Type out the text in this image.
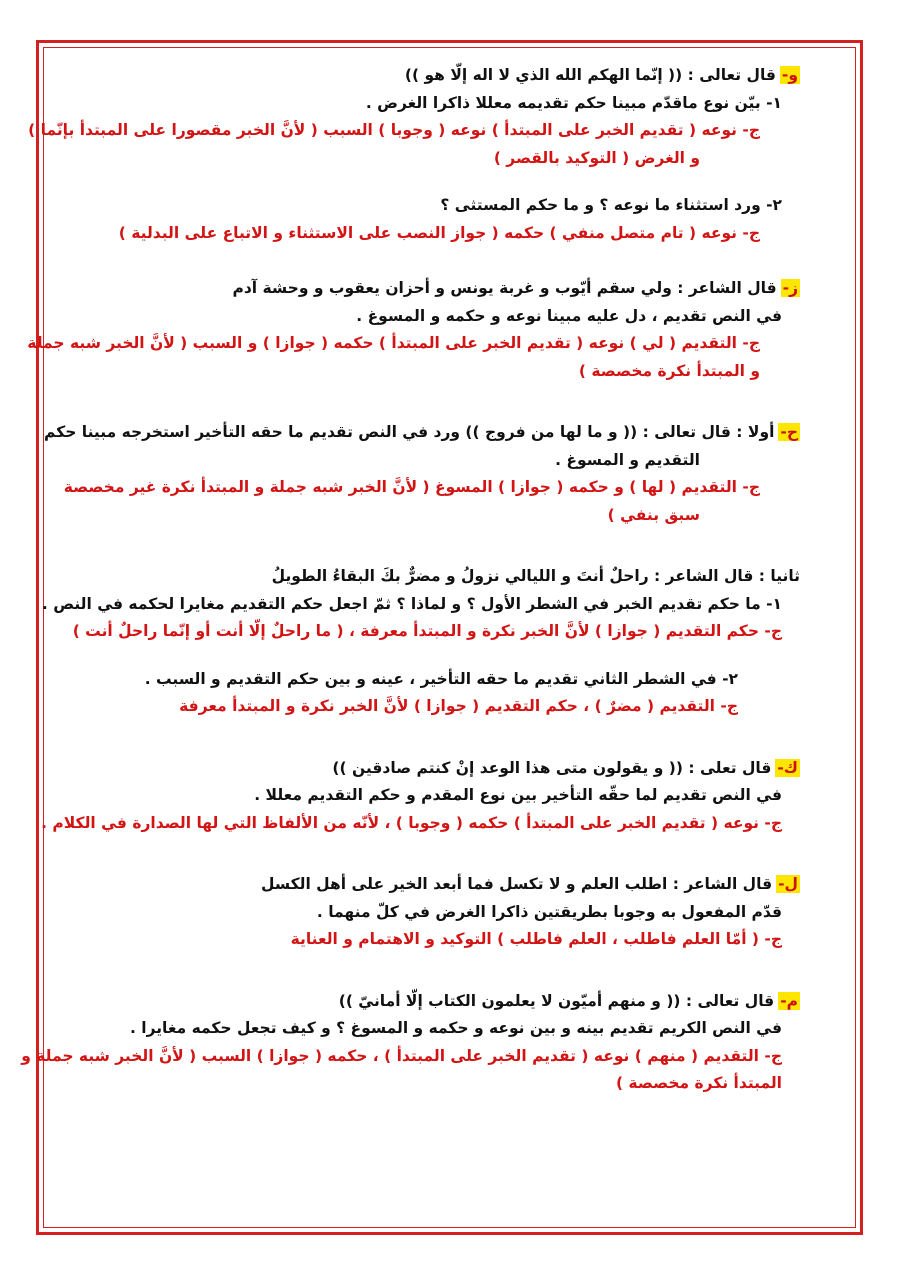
و-قال تعالى : (( إنّما الهكم الله الذي لا اله إلّا هو ))
١- بيّن نوع ماقدّم مبينا حكم تقديمه معللا ذاكرا الغرض .
ج- نوعه ( تقديم الخبر على المبتدأ ) نوعه ( وجوبا ) السبب ( لأنَّ الخبر مقصورا على المبتدأ بإنّما )
و الغرض ( التوكيد بالقصر )
٢- ورد استثناء ما نوعه ؟ و ما حكم المستثى ؟
ج- نوعه ( تام متصل منفي ) حكمه ( جواز النصب على الاستثناء و الاتباع على البدلية )
ز-قال الشاعر : ولي سقم أيّوب و غربة يونس و أحزان يعقوب و وحشة آدم
في النص تقديم ، دل عليه مبينا نوعه و حكمه و المسوغ .
ج- التقديم ( لي ) نوعه ( تقديم الخبر على المبتدأ ) حكمه ( جوازا ) و السبب ( لأنَّ الخبر شبه جملة
و المبتدأ نكرة مخصصة )
ح-أولا : قال تعالى : (( و ما لها من فروج )) ورد في النص تقديم ما حقه التأخير استخرجه مبينا حكم
التقديم و المسوغ .
ج- التقديم ( لها ) و حكمه ( جوازا ) المسوغ ( لأنَّ الخبر شبه جملة و المبتدأ نكرة غير مخصصة
سبق بنفي )
ثانيا : قال الشاعر : راحلٌ أنتَ و الليالي نزولُ و مضرٌّ بكَ البقاءُ الطويلُ
١- ما حكم تقديم الخبر في الشطر الأول ؟ و لماذا ؟ ثمّ اجعل حكم التقديم مغايرا لحكمه في النص .
ج- حكم التقديم ( جوازا ) لأنَّ الخبر نكرة و المبتدأ معرفة ، ( ما راحلٌ إلّا أنت أو إنّما راحلٌ أنت )
٢- في الشطر الثاني تقديم ما حقه التأخير ، عينه و بين حكم التقديم و السبب .
ج- التقديم ( مضرٌ ) ، حكم التقديم ( جوازا ) لأنَّ الخبر نكرة و المبتدأ معرفة
ك-قال تعلى : (( و يقولون متى هذا الوعد إنْ كنتم صادقين ))
في النص تقديم لما حقّه التأخير بين نوع المقدم و حكم التقديم معللا .
ج- نوعه ( تقديم الخبر على المبتدأ ) حكمه ( وجوبا ) ، لأنّه من الألفاظ التي لها الصدارة في الكلام .
ل-قال الشاعر : اطلب العلم و لا تكسل فما أبعد الخير على أهل الكسل
قدّم المفعول به وجوبا بطريقتين ذاكرا الغرض في كلّ منهما .
ج- ( أمّا العلم فاطلب ، العلم فاطلب ) التوكيد و الاهتمام و العناية
م-قال تعالى : (( و منهم أميّون لا يعلمون الكتاب إلّا أمانيّ ))
في النص الكريم تقديم بينه و بين نوعه و حكمه و المسوغ ؟ و كيف تجعل حكمه مغايرا .
ج- التقديم ( منهم ) نوعه ( تقديم الخبر على المبتدأ ) ، حكمه ( جوازا ) السبب ( لأنَّ الخبر شبه جملة و
المبتدأ نكرة مخصصة )
